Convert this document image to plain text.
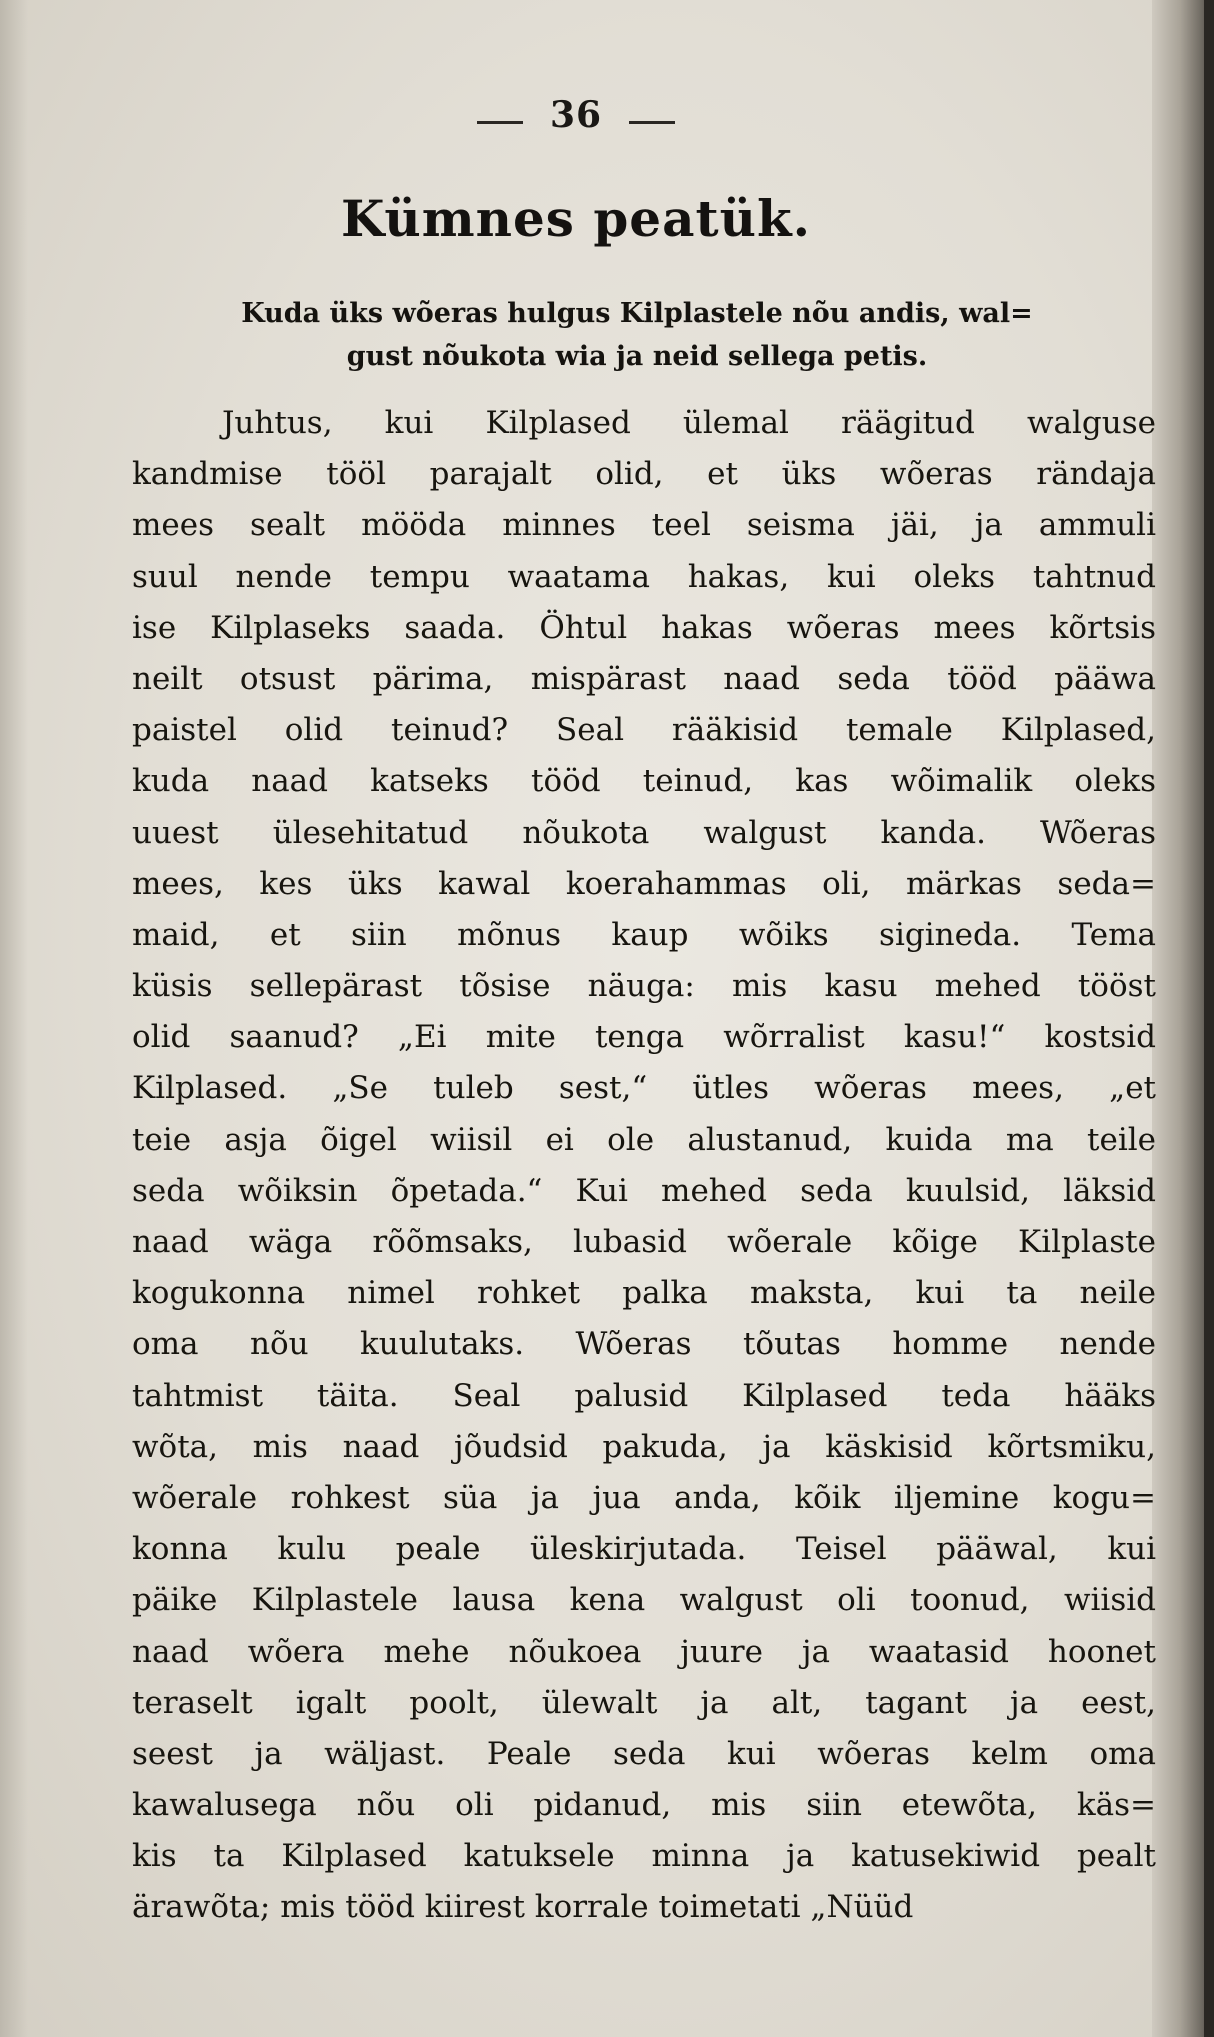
36
Kümnes peatük.
Kuda üks wõeras hulgus Kilplastele nõu andis, wal=
gust nõukota wia ja neid sellega petis.
Juhtus, kui Kilplased ülemal räägitud walguse
kandmise tööl parajalt olid, et üks wõeras rändaja
mees sealt mööda minnes teel seisma jäi, ja ammuli
suul nende tempu waatama hakas, kui oleks tahtnud
ise Kilplaseks saada. Öhtul hakas wõeras mees kõrtsis
neilt otsust pärima, mispärast naad seda tööd pääwa
paistel olid teinud? Seal rääkisid temale Kilplased,
kuda naad katseks tööd teinud, kas wõimalik oleks
uuest ülesehitatud nõukota walgust kanda. Wõeras
mees, kes üks kawal koerahammas oli, märkas seda=
maid, et siin mõnus kaup wõiks sigineda. Tema
küsis sellepärast tõsise näuga: mis kasu mehed tööst
olid saanud? „Ei mite tenga wõrralist kasu!“ kostsid
Kilplased. „Se tuleb sest,“ ütles wõeras mees, „et
teie asja õigel wiisil ei ole alustanud, kuida ma teile
seda wõiksin õpetada.“ Kui mehed seda kuulsid, läksid
naad wäga rõõmsaks, lubasid wõerale kõige Kilplaste
kogukonna nimel rohket palka maksta, kui ta neile
oma nõu kuulutaks. Wõeras tõutas homme nende
tahtmist täita. Seal palusid Kilplased teda hääks
wõta, mis naad jõudsid pakuda, ja käskisid kõrtsmiku,
wõerale rohkest süa ja jua anda, kõik iljemine kogu=
konna kulu peale üleskirjutada. Teisel pääwal, kui
päike Kilplastele lausa kena walgust oli toonud, wiisid
naad wõera mehe nõukoea juure ja waatasid hoonet
teraselt igalt poolt, ülewalt ja alt, tagant ja eest,
seest ja wäljast. Peale seda kui wõeras kelm oma
kawalusega nõu oli pidanud, mis siin etewõta, käs=
kis ta Kilplased katuksele minna ja katusekiwid pealt
ärawõta; mis tööd kiirest korrale toimetati „Nüüd
